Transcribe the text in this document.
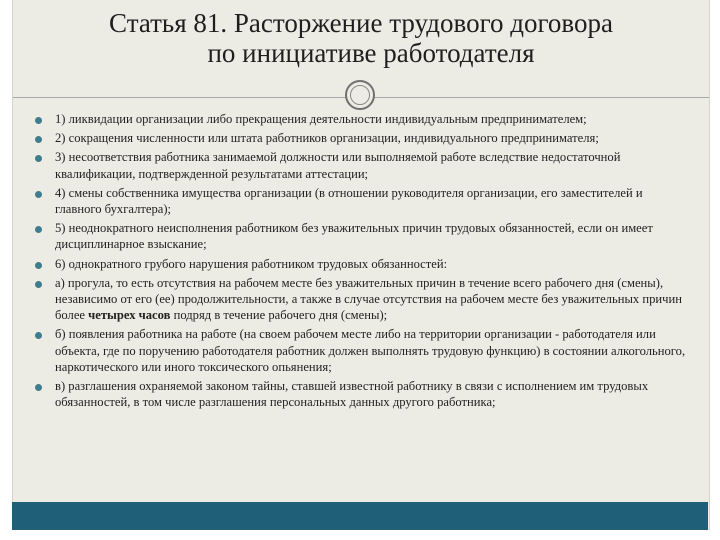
Статья 81. Расторжение трудового договора

по инициативе работодателя
1) ликвидации организации либо прекращения деятельности индивидуальным предпринимателем;
2) сокращения численности или штата работников организации, индивидуального предпринимателя;
3) несоответствия работника занимаемой должности или выполняемой работе вследствие недостаточной квалификации, подтвержденной результатами аттестации;
4) смены собственника имущества организации (в отношении руководителя организации, его заместителей и главного бухгалтера);
5) неоднократного неисполнения работником без уважительных причин трудовых обязанностей, если он имеет дисциплинарное взыскание;
6) однократного грубого нарушения работником трудовых обязанностей:
а) прогула, то есть отсутствия на рабочем месте без уважительных причин в течение всего рабочего дня (смены), независимо от его (ее) продолжительности, а также в случае отсутствия на рабочем месте без уважительных причин более четырех часов подряд в течение рабочего дня (смены);
б) появления работника на работе (на своем рабочем месте либо на территории организации - работодателя или объекта, где по поручению работодателя работник должен выполнять трудовую функцию) в состоянии алкогольного, наркотического или иного токсического опьянения;
в) разглашения охраняемой законом тайны, ставшей известной работнику в связи с исполнением им трудовых обязанностей, в том числе разглашения персональных данных другого работника;
